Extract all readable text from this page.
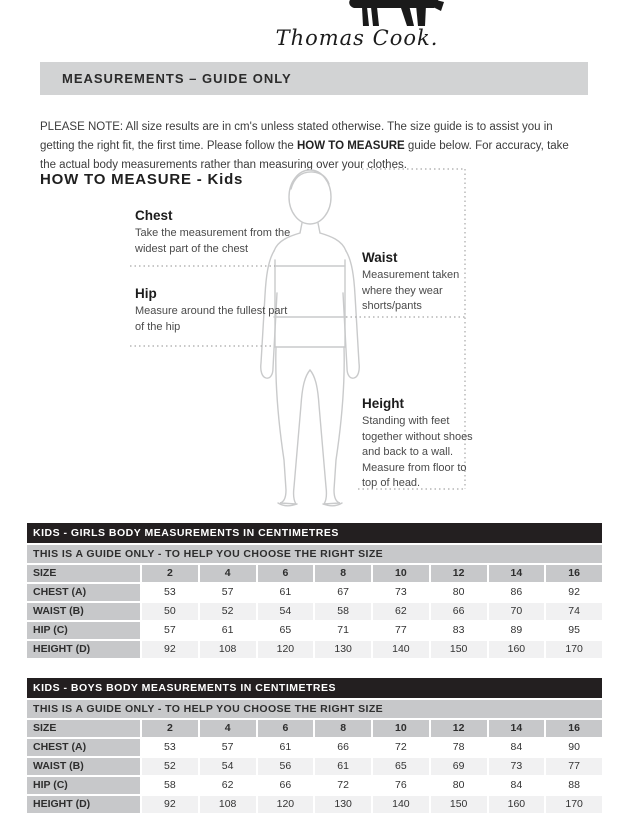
Thomas Cook.
MEASUREMENTS – GUIDE ONLY

PLEASE NOTE: All size results are in cm's unless stated otherwise. The size guide is to assist you in getting the right fit, the first time. Please follow the HOW TO MEASURE guide below. For accuracy, take the actual body measurements rather than measuring over your clothes.

HOW TO MEASURE - Kids
Chest
Take the measurement from the widest part of the chest
Hip
Measure around the fullest part of the hip
Waist
Measurement taken where they wear shorts/pants
Height
Standing with feet together without shoes and back to a wall. Measure from floor to top of head.
KIDS - GIRLS BODY MEASUREMENTS IN CENTIMETRES
THIS IS A GUIDE ONLY - TO HELP YOU CHOOSE THE RIGHT SIZE
SIZE	2	4	6	8	10	12	14	16
CHEST (A)	53	57	61	67	73	80	86	92
WAIST (B)	50	52	54	58	62	66	70	74
HIP (C)	57	61	65	71	77	83	89	95
HEIGHT (D)	92	108	120	130	140	150	160	170
KIDS - BOYS BODY MEASUREMENTS IN CENTIMETRES
THIS IS A GUIDE ONLY - TO HELP YOU CHOOSE THE RIGHT SIZE
SIZE	2	4	6	8	10	12	14	16
CHEST (A)	53	57	61	66	72	78	84	90
WAIST (B)	52	54	56	61	65	69	73	77
HIP (C)	58	62	66	72	76	80	84	88
HEIGHT (D)	92	108	120	130	140	150	160	170
